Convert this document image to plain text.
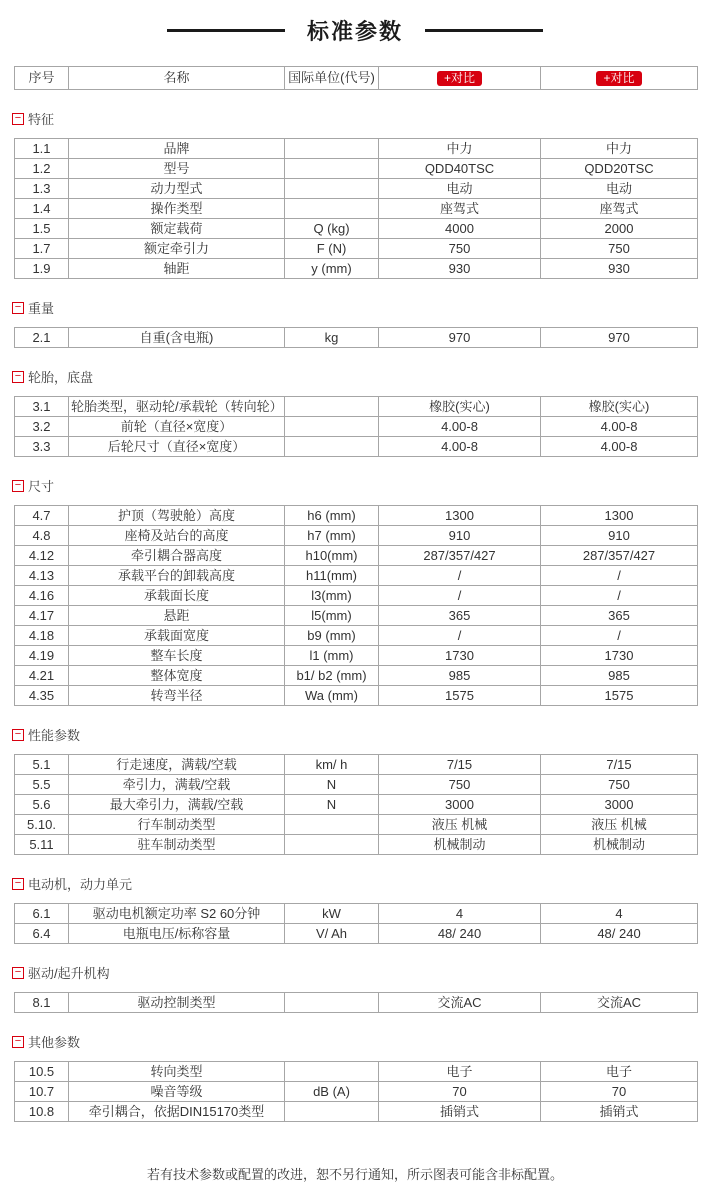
标准参数
序号	名称	国际单位(代号)	+对比	+对比
− 特征
1.1	品牌		中力	中力
1.2	型号		QDD40TSC	QDD20TSC
1.3	动力型式		电动	电动
1.4	操作类型		座驾式	座驾式
1.5	额定载荷	Q (kg)	4000	2000
1.7	额定牵引力	F (N)	750	750
1.9	轴距	y (mm)	930	930
− 重量
2.1	自重(含电瓶)	kg	970	970
− 轮胎，底盘
3.1	轮胎类型，驱动轮/承载轮（转向轮）		橡胶(实心)	橡胶(实心)
3.2	前轮（直径×宽度）		4.00-8	4.00-8
3.3	后轮尺寸（直径×宽度）		4.00-8	4.00-8
− 尺寸
4.7	护顶（驾驶舱）高度	h6 (mm)	1300	1300
4.8	座椅及站台的高度	h7 (mm)	910	910
4.12	牵引耦合器高度	h10(mm)	287/357/427	287/357/427
4.13	承载平台的卸载高度	h11(mm)	/	/
4.16	承载面长度	l3(mm)	/	/
4.17	悬距	l5(mm)	365	365
4.18	承载面宽度	b9 (mm)	/	/
4.19	整车长度	l1 (mm)	1730	1730
4.21	整体宽度	b1/ b2 (mm)	985	985
4.35	转弯半径	Wa (mm)	1575	1575
− 性能参数
5.1	行走速度，满载/空载	km/ h	7/15	7/15
5.5	牵引力，满载/空载	N	750	750
5.6	最大牵引力，满载/空载	N	3000	3000
5.10.	行车制动类型		液压 机械	液压 机械
5.11	驻车制动类型		机械制动	机械制动
− 电动机，动力单元
6.1	驱动电机额定功率 S2 60分钟	kW	4	4
6.4	电瓶电压/标称容量	V/ Ah	48/ 240	48/ 240
− 驱动/起升机构
8.1	驱动控制类型		交流AC	交流AC
− 其他参数
10.5	转向类型		电子	电子
10.7	噪音等级	dB (A)	70	70
10.8	牵引耦合，依据DIN15170类型		插销式	插销式
若有技术参数或配置的改进，恕不另行通知，所示图表可能含非标配置。
